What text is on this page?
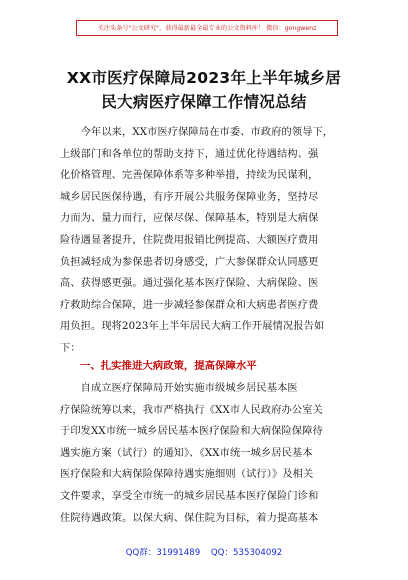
关注头条号"公文研究"，获得最新最全最专业的公文资料库！ 微信：gongwenz
XX市医疗保障局2023年上半年城乡居
民大病医疗保障工作情况总结
　　今年以来，XX市医疗保障局在市委、市政府的领导下，
上级部门和各单位的帮助支持下，通过优化待遇结构、强
化价格管理、完善保障体系等多种举措，持续为民谋利，
城乡居民医保待遇，有序开展公共服务保障业务，坚持尽
力而为、量力而行，应保尽保、保障基本，特别是大病保
险待遇显著提升，住院费用报销比例提高、大额医疗费用
负担减轻成为参保患者切身感受，广大参保群众认同感更
高、获得感更强。通过强化基本医疗保险、大病保险、医
疗救助综合保障，进一步减轻参保群众和大病患者医疗费
用负担。现将2023年上半年居民大病工作开展情况报告如
下：
一、扎实推进大病政策，提高保障水平
　　自成立医疗保障局开始实施市级城乡居民基本医
疗保险统筹以来，我市严格执行《XX市人民政府办公室关
于印发XX市统一城乡居民基本医疗保险和大病保险保障待
遇实施方案（试行）的通知》、《XX市统一城乡居民基本
医疗保险和大病保险保障待遇实施细则（试行）》及相关
文件要求，享受全市统一的城乡居民基本医疗保险门诊和
住院待遇政策。以保大病、保住院为目标，着力提高基本
QQ群：31991489 QQ：535304092
